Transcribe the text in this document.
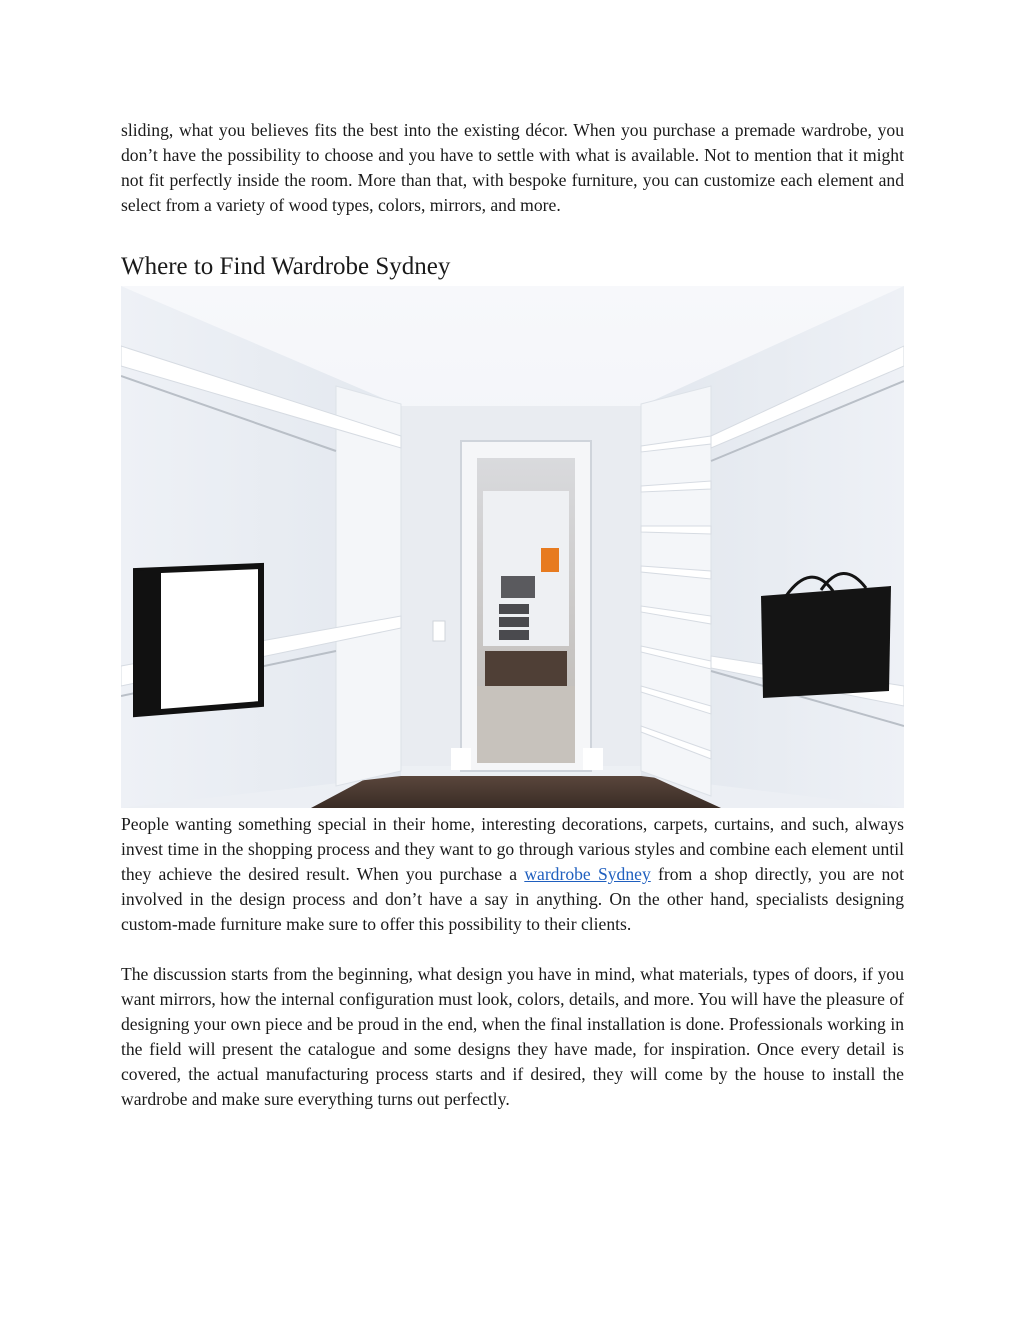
sliding, what you believes fits the best into the existing décor. When you purchase a premade wardrobe, you don’t have the possibility to choose and you have to settle with what is available. Not to mention that it might not fit perfectly inside the room. More than that, with bespoke furniture, you can customize each element and select from a variety of wood types, colors, mirrors, and more.

Where to Find Wardrobe Sydney

People wanting something special in their home, interesting decorations, carpets, curtains, and such, always invest time in the shopping process and they want to go through various styles and combine each element until they achieve the desired result. When you purchase a wardrobe Sydney from a shop directly, you are not involved in the design process and don’t have a say in anything. On the other hand, specialists designing custom-made furniture make sure to offer this possibility to their clients.

The discussion starts from the beginning, what design you have in mind, what materials, types of doors, if you want mirrors, how the internal configuration must look, colors, details, and more. You will have the pleasure of designing your own piece and be proud in the end, when the final installation is done. Professionals working in the field will present the catalogue and some designs they have made, for inspiration. Once every detail is covered, the actual manufacturing process starts and if desired, they will come by the house to install the wardrobe and make sure everything turns out perfectly.
